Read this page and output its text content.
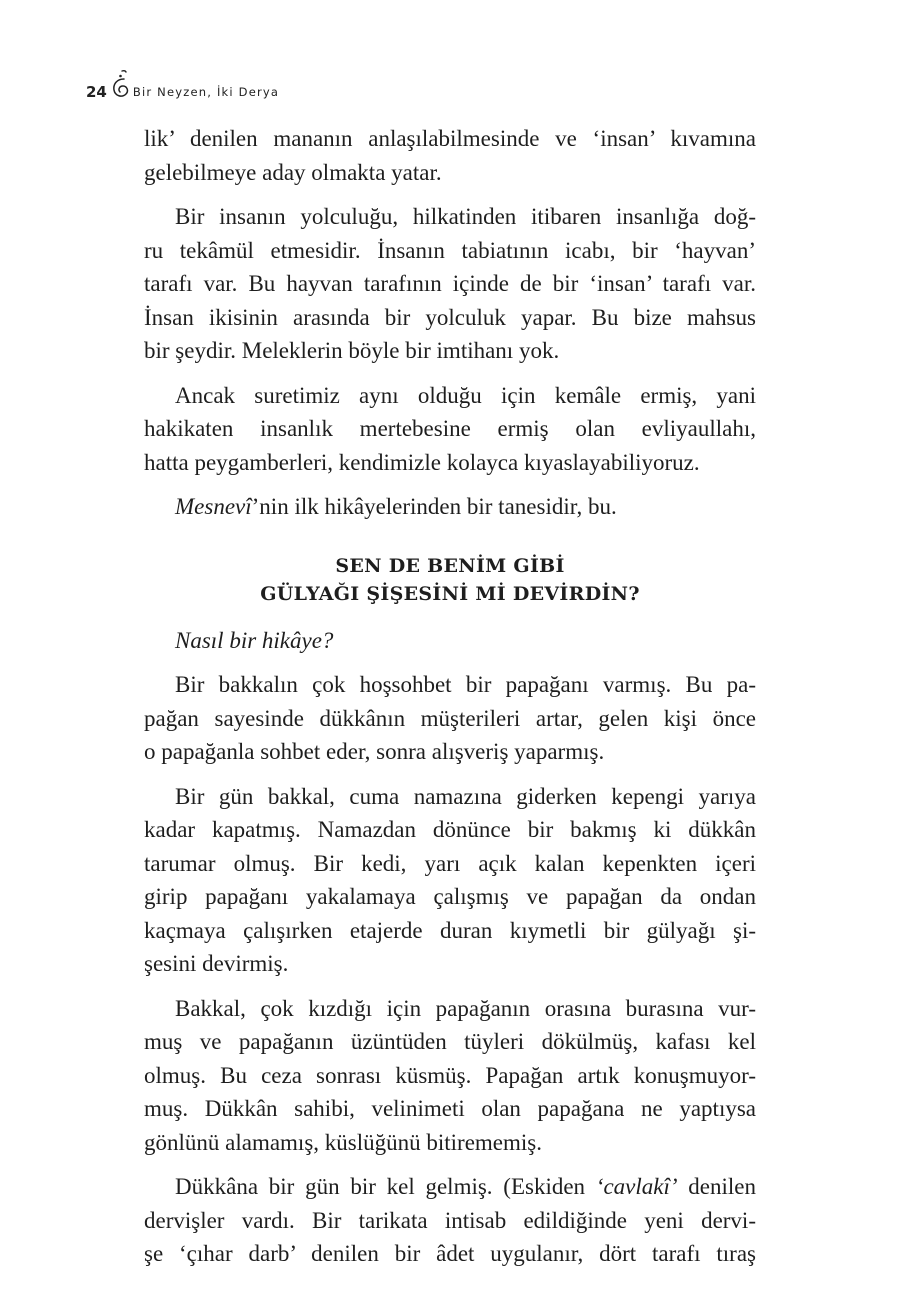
24 Bir Neyzen, İki Derya

lik’ denilen mananın anlaşılabilmesinde ve ‘insan’ kıvamına
gelebilmeye aday olmakta yatar.

Bir insanın yolculuğu, hilkatinden itibaren insanlığa doğ-
ru tekâmül etmesidir. İnsanın tabiatının icabı, bir ‘hayvan’
tarafı var. Bu hayvan tarafının içinde de bir ‘insan’ tarafı var.
İnsan ikisinin arasında bir yolculuk yapar. Bu bize mahsus
bir şeydir. Meleklerin böyle bir imtihanı yok.

Ancak suretimiz aynı olduğu için kemâle ermiş, yani
hakikaten insanlık mertebesine ermiş olan evliyaullahı,
hatta peygamberleri, kendimizle kolayca kıyaslayabiliyoruz.

Mesnevî’nin ilk hikâyelerinden bir tanesidir, bu.

SEN DE BENİM GİBİ
GÜLYAĞI ŞİŞESİNİ Mİ DEVİRDİN?

Nasıl bir hikâye?

Bir bakkalın çok hoşsohbet bir papağanı varmış. Bu pa-
pağan sayesinde dükkânın müşterileri artar, gelen kişi önce
o papağanla sohbet eder, sonra alışveriş yaparmış.

Bir gün bakkal, cuma namazına giderken kepengi yarıya
kadar kapatmış. Namazdan dönünce bir bakmış ki dükkân
tarumar olmuş. Bir kedi, yarı açık kalan kepenkten içeri
girip papağanı yakalamaya çalışmış ve papağan da ondan
kaçmaya çalışırken etajerde duran kıymetli bir gülyağı şi-
şesini devirmiş.

Bakkal, çok kızdığı için papağanın orasına burasına vur-
muş ve papağanın üzüntüden tüyleri dökülmüş, kafası kel
olmuş. Bu ceza sonrası küsmüş. Papağan artık konuşmuyor-
muş. Dükkân sahibi, velinimeti olan papağana ne yaptıysa
gönlünü alamamış, küslüğünü bitirememiş.

Dükkâna bir gün bir kel gelmiş. (Eskiden ‘cavlakî’ denilen
dervişler vardı. Bir tarikata intisab edildiğinde yeni dervi-
şe ‘çıhar darb’ denilen bir âdet uygulanır, dört tarafı tıraş
